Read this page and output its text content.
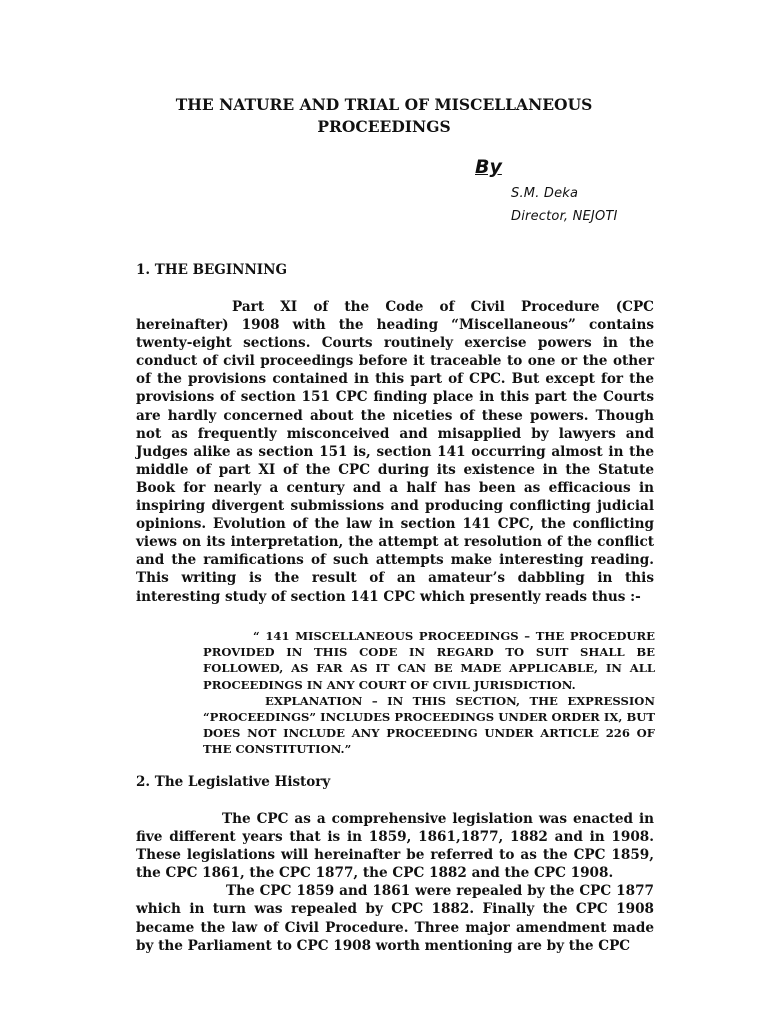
THE NATURE AND TRIAL OF MISCELLANEOUS
PROCEEDINGS
By
S.M. Deka
Director, NEJOTI
1. THE BEGINNING

Part XI of the Code of Civil Procedure (CPC hereinafter) 1908 with the heading “Miscellaneous” contains twenty-eight sections. Courts routinely exercise powers in the conduct of civil proceedings before it traceable to one or the other of the provisions contained in this part of CPC. But except for the provisions of section 151 CPC finding place in this part the Courts are hardly concerned about the niceties of these powers. Though not as frequently misconceived and misapplied by lawyers and Judges alike as section 151 is, section 141 occurring almost in the middle of part XI of the CPC during its existence in the Statute Book for nearly a century and a half has been as efficacious in inspiring divergent submissions and producing conflicting judicial opinions. Evolution of the law in section 141 CPC, the conflicting views on its interpretation, the attempt at resolution of the conflict and the ramifications of such attempts make interesting reading. This writing is the result of an amateur’s dabbling in this interesting study of section 141 CPC which presently reads thus :-

“ 141 MISCELLANEOUS PROCEEDINGS – THE PROCEDURE PROVIDED IN THIS CODE IN REGARD TO SUIT SHALL BE FOLLOWED, AS FAR AS IT CAN BE MADE APPLICABLE, IN ALL PROCEEDINGS IN ANY COURT OF CIVIL JURISDICTION.

EXPLANATION – IN THIS SECTION, THE EXPRESSION “PROCEEDINGS” INCLUDES PROCEEDINGS UNDER ORDER IX, BUT DOES NOT INCLUDE ANY PROCEEDING UNDER ARTICLE 226 OF THE CONSTITUTION.”

2. The Legislative History

The CPC as a comprehensive legislation was enacted in five different years that is in 1859, 1861,1877, 1882 and in 1908. These legislations will hereinafter be referred to as the CPC 1859, the CPC 1861, the CPC 1877, the CPC 1882 and the CPC 1908.

The CPC 1859 and 1861 were repealed by the CPC 1877 which in turn was repealed by CPC 1882. Finally the CPC 1908 became the law of Civil Procedure. Three major amendment made by the Parliament to CPC 1908 worth mentioning are by the CPC
